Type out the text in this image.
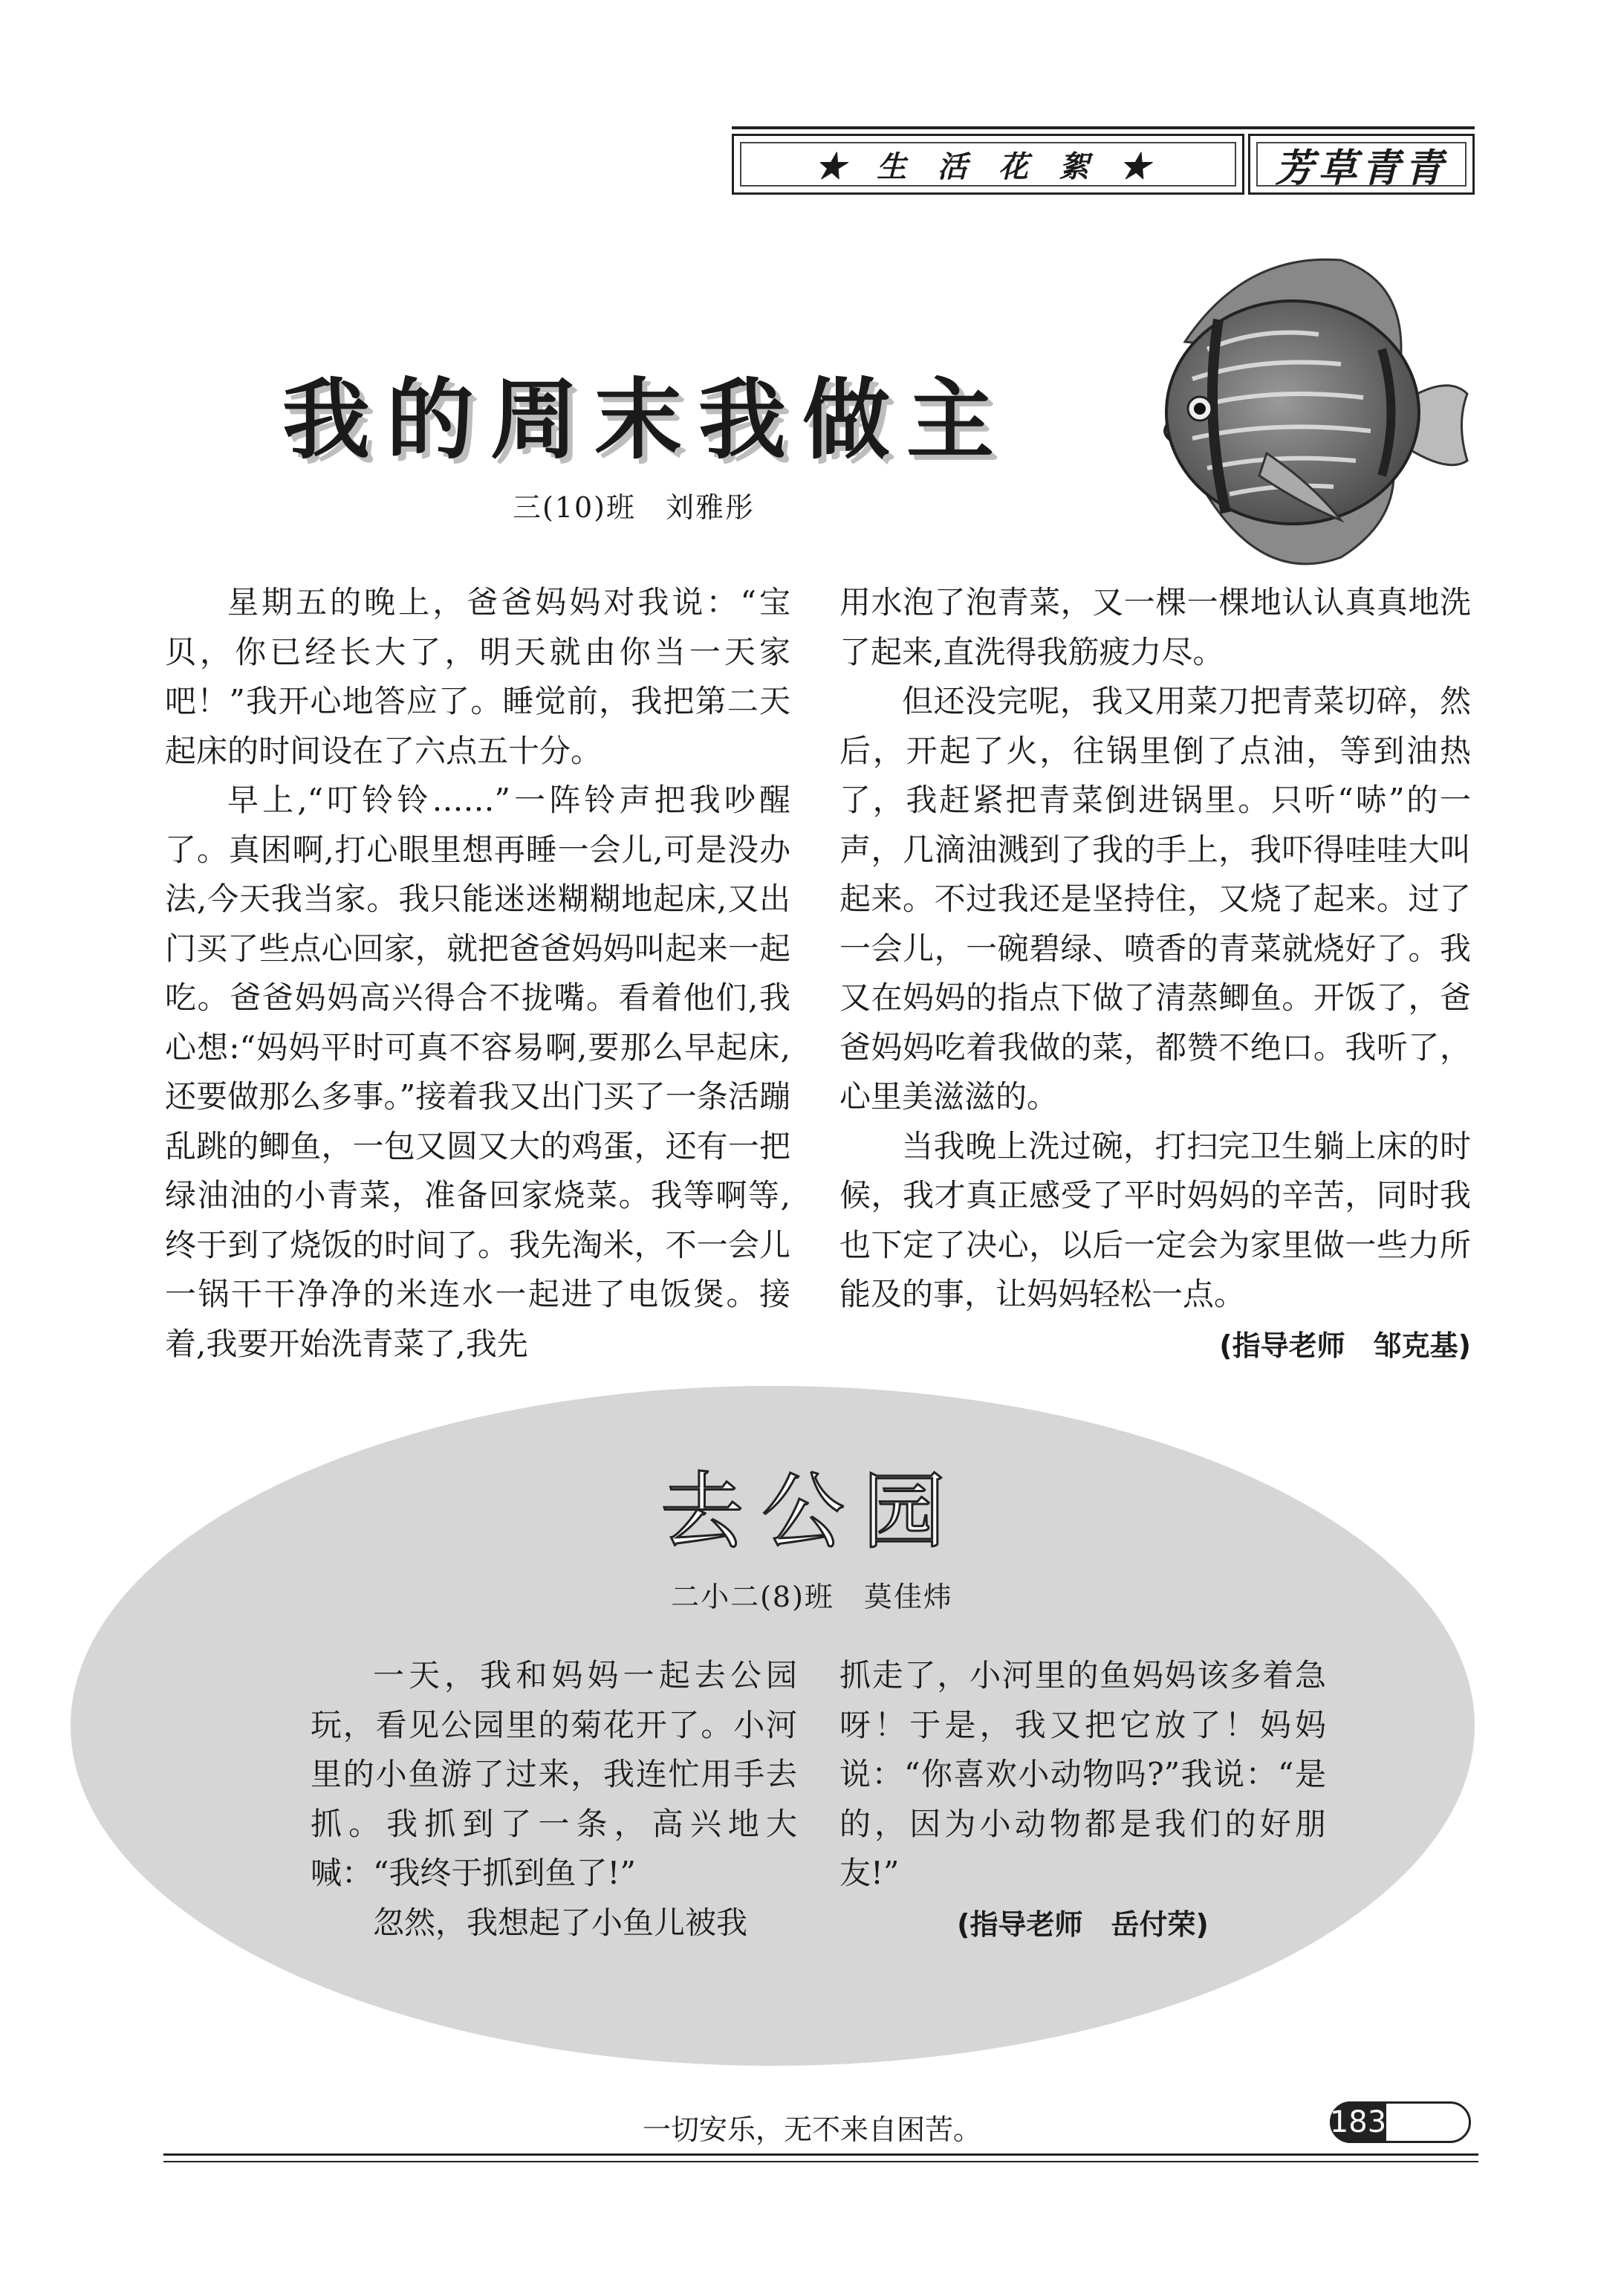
★ 生 活 花 絮 ★	芳草青青
我的周末我做主
三(10)班　刘雅彤

星期五的晚上，爸爸妈妈对我说：“宝贝，你已经长大了，明天就由你当一天家吧！”我开心地答应了。睡觉前，我把第二天起床的时间设在了六点五十分。

早上,“叮铃铃……”一阵铃声把我吵醒了。真困啊,打心眼里想再睡一会儿,可是没办法,今天我当家。我只能迷迷糊糊地起床,又出门买了些点心回家，就把爸爸妈妈叫起来一起吃。爸爸妈妈高兴得合不拢嘴。看着他们,我心想:“妈妈平时可真不容易啊,要那么早起床,还要做那么多事。”接着我又出门买了一条活蹦乱跳的鲫鱼，一包又圆又大的鸡蛋，还有一把绿油油的小青菜，准备回家烧菜。我等啊等,终于到了烧饭的时间了。我先淘米，不一会儿一锅干干净净的米连水一起进了电饭煲。接着,我要开始洗青菜了,我先

用水泡了泡青菜，又一棵一棵地认认真真地洗了起来,直洗得我筋疲力尽。

但还没完呢，我又用菜刀把青菜切碎，然后，开起了火，往锅里倒了点油，等到油热了，我赶紧把青菜倒进锅里。只听“哧”的一声，几滴油溅到了我的手上，我吓得哇哇大叫起来。不过我还是坚持住，又烧了起来。过了一会儿，一碗碧绿、喷香的青菜就烧好了。我又在妈妈的指点下做了清蒸鲫鱼。开饭了，爸爸妈妈吃着我做的菜，都赞不绝口。我听了，心里美滋滋的。

当我晚上洗过碗，打扫完卫生躺上床的时候，我才真正感受了平时妈妈的辛苦，同时我也下定了决心，以后一定会为家里做一些力所能及的事，让妈妈轻松一点。

(指导老师　邹克基)
去公园
二小二(8)班　莫佳炜

一天，我和妈妈一起去公园玩，看见公园里的菊花开了。小河里的小鱼游了过来，我连忙用手去抓。我抓到了一条，高兴地大喊：“我终于抓到鱼了!”

忽然，我想起了小鱼儿被我

抓走了，小河里的鱼妈妈该多着急呀！于是，我又把它放了！妈妈说：“你喜欢小动物吗?”我说：“是的，因为小动物都是我们的好朋友!”

(指导老师　岳付荣)
一切安乐，无不来自困苦。	183
